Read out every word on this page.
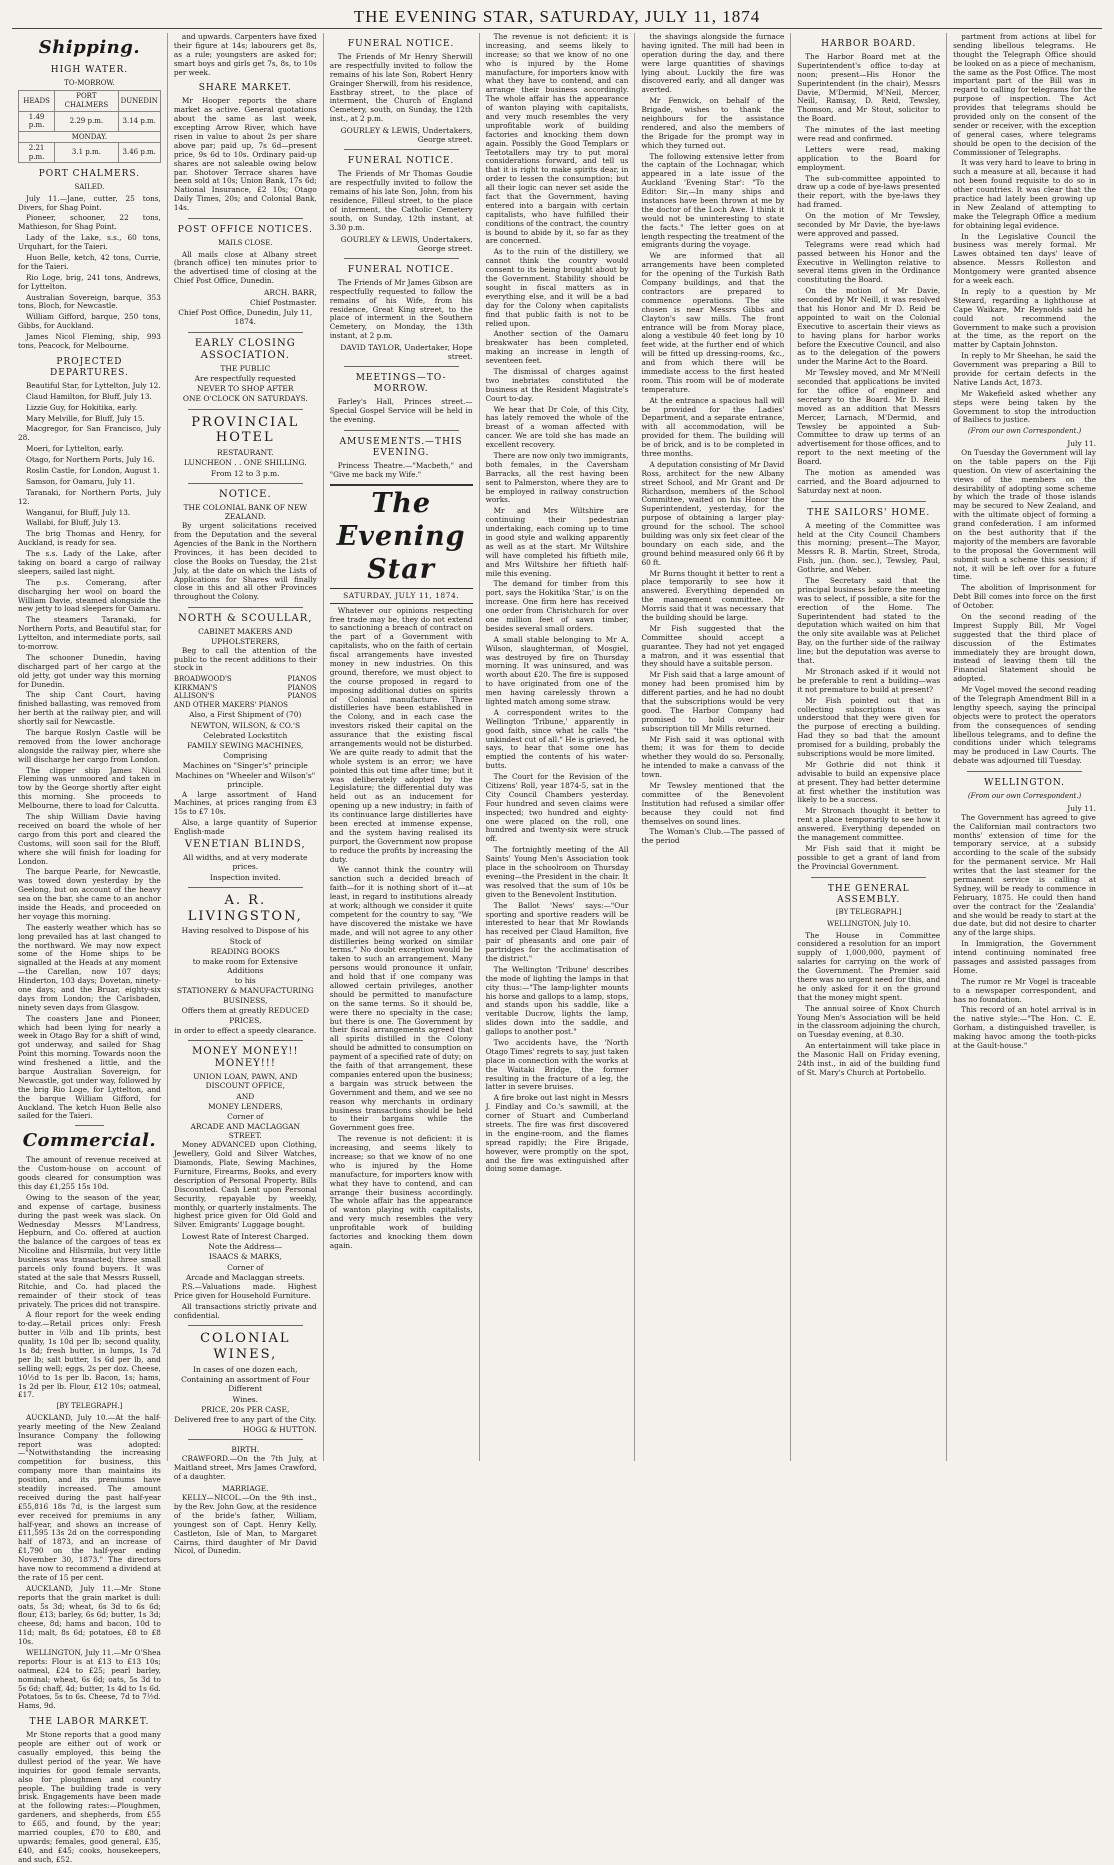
THE EVENING STAR, SATURDAY, JULY 11, 1874
Shipping.
HIGH WATER.
TO-MORROW.
HEADS	PORT CHALMERS	DUNEDIN
1.49 p.m.	2.29 p.m.	3.14 p.m.
MONDAY.		
2.21 p.m.	3.1 p.m.	3.46 p.m.
PORT CHALMERS.
SAILED.

July 11.—Jane, cutter, 25 tons, Divers, for Shag Point.

Pioneer, schooner, 22 tons, Mathieson, for Shag Point.

Lady of the Lake, s.s., 60 tons, Urquhart, for the Taieri.

Huon Belle, ketch, 42 tons, Currie, for the Taieri.

Rio Loge, brig, 241 tons, Andrews, for Lyttelton.

Australian Sovereign, barque, 353 tons, Bloch, for Newcastle.

William Gifford, barque, 250 tons, Gibbs, for Auckland.

James Nicol Fleming, ship, 993 tons, Peacock, for Melbourne.

PROJECTED DEPARTURES.

Beautiful Star, for Lyttelton, July 12.

Claud Hamilton, for Bluff, July 13.

Lizzie Guy, for Hokitika, early.

Mary Melville, for Bluff, July 15.

Macgregor, for San Francisco, July 28.

Moeri, for Lyttelton, early.

Otago, for Northern Ports, July 16.

Roslin Castle, for London, August 1.

Samson, for Oamaru, July 11.

Taranaki, for Northern Ports, July 12.

Wanganui, for Bluff, July 13.

Wallabi, for Bluff, July 13.

The brig Thomas and Henry, for Auckland, is ready for sea.

The s.s. Lady of the Lake, after taking on board a cargo of railway sleepers, sailed last night.

The p.s. Comerang, after discharging her wool on board the William Davie, steamed alongside the new jetty to load sleepers for Oamaru.

The steamers Taranaki, for Northern Ports, and Beautiful star, for Lyttelton, and intermediate ports, sail to-morrow.

The schooner Dunedin, having discharged part of her cargo at the old jetty, got under way this morning for Dunedin.

The ship Cant Court, having finished ballasting, was removed from her berth at the railway pier, and will shortly sail for Newcastle.

The barque Roslyn Castle will be removed from the lower anchorage alongside the railway pier, where she will discharge her cargo from London.

The clipper ship James Nicol Fleming was unmoored and taken in tow by the George shortly after eight this morning. She proceeds to Melbourne, there to load for Calcutta.

The ship William Davie having received on board the whole of her cargo from this port and cleared the Customs, will soon sail for the Bluff, where she will finish for loading for London.

The barque Pearle, for Newcastle, was towed down yesterday by the Geelong, but on account of the heavy sea on the bar, she came to an anchor inside the Heads, and proceeded on her voyage this morning.

The easterly weather which has so long prevailed has at last changed to the northward. We may now expect some of the Home ships to be signalled at the Heads at any moment—the Carellan, now 107 days; Hinderton, 103 days; Dovetan, ninety-one days; and the Bruar, eighty-six days from London; the Carlsbaden, ninety seven days from Glasgow.

The coasters Jane and Pioneer, which had been lying for nearly a week in Otago Bay for a shift of wind, got underway, and sailed for Shag Point this morning. Towards noon the wind freshened a little, and the barque Australian Sovereign, for Newcastle, got under way, followed by the brig Rio Loge, for Lyttelton, and the barque William Gifford, for Auckland. The ketch Huon Belle also sailed for the Taieri.

Commercial.

The amount of revenue received at the Custom-house on account of goods cleared for consumption was this day £1,255 15s 10d.

Owing to the season of the year, and expense of cartage, business during the past week was slack. On Wednesday Messrs M'Landress, Hepburn, and Co. offered at auction the balance of the cargoes of teas ex Nicoline and Hilsrmila, but very little business was transacted; three small parcels only found buyers. It was stated at the sale that Messrs Russell, Ritchie, and Co. had placed the remainder of their stock of teas privately. The prices did not transpire.

A flour report for the week ending to-day.—Retail prices only: Fresh butter in ½lb and 1lb prints, best quality, 1s 10d per lb; second quality, 1s 8d; fresh butter, in lumps, 1s 7d per lb; salt butter, 1s 6d per lb, and selling well; eggs, 2s per doz. Cheese, 10½d to 1s per lb. Bacon, 1s; hams, 1s 2d per lb. Flour, £12 10s; oatmeal, £17.

[BY TELEGRAPH.]

AUCKLAND, July 10.—At the half-yearly meeting of the New Zealand Insurance Company the following report was adopted:—"Notwithstanding the increasing competition for business, this company more than maintains its position, and its premiums have steadily increased. The amount received during the past half-year £55,816 18s 7d, is the largest sum ever received for premiums in any half-year, and shows an increase of £11,595 13s 2d on the corresponding half of 1873, and an increase of £1,790 on the half-year ending November 30, 1873." The directors have now to recommend a dividend at the rate of 15 per cent.

AUCKLAND, July 11.—Mr Stone reports that the grain market is dull: oats, 5s 3d; wheat, 6s 3d to 6s 6d; flour, £13; barley, 6s 6d; butter, 1s 3d; cheese, 8d; hams and bacon, 10d to 11d; malt, 8s 6d; potatoes, £8 to £8 10s.

WELLINGTON, July 11.—Mr O'Shea reports: Flour is at £13 to £13 10s; oatmeal, £24 to £25; pearl barley, nominal; wheat, 6s 6d; oats, 5s 3d to 5s 6d; chaff, 4d; butter, 1s 4d to 1s 6d. Potatoes, 5s to 6s. Cheese, 7d to 7½d. Hams, 9d.

THE LABOR MARKET.

Mr Stone reports that a good many people are either out of work or casually employed, this being the dullest period of the year. We have inquiries for good female servants, also for ploughmen and country people. The building trade is very brisk. Engagements have been made at the following rates:—Ploughmen, gardeners, and shepherds, from £55 to £65, and found, by the year; married couples, £70 to £80, and upwards; females, good general, £35, £40, and £45; cooks, housekeepers, and such, £52.

and upwards. Carpenters have fixed their figure at 14s; labourers get 8s, as a rule; youngsters are asked for; smart boys and girls get 7s, 8s, to 10s per week.

SHARE MARKET.

Mr Hooper reports the share market as active. General quotations about the same as last week, excepting Arrow River, which have risen in value to about 2s per share above par; paid up, 7s 6d—present price, 9s 6d to 10s. Ordinary paid-up shares are not saleable owing below par. Shotover Terrace shares have been sold at 10s; Union Bank, 17s 6d; National Insurance, £2 10s; Otago Daily Times, 20s; and Colonial Bank, 14s.

POST OFFICE NOTICES.
MAILS CLOSE.

All mails close at Albany street (branch office) ten minutes prior to the advertised time of closing at the Chief Post Office, Dunedin.

ARCH. BARR,
Chief Postmaster.
Chief Post Office, Dunedin, July 11, 1874.
EARLY CLOSING ASSOCIATION.
THE PUBLIC
Are respectfully requested
NEVER TO SHOP AFTER
ONE O'CLOCK ON SATURDAYS.
PROVINCIAL HOTEL
RESTAURANT.
LUNCHEON . . ONE SHILLING.
From 12 to 3 p.m.
NOTICE.
THE COLONIAL BANK OF NEW ZEALAND.

By urgent solicitations received from the Deputation and the several Agencies of the Bank in the Northern Provinces, it has been decided to close the Books on Tuesday, the 21st July, at the date on which the Lists of Applications for Shares will finally close in this and all other Provinces throughout the Colony.

NORTH & SCOULLAR,
CABINET MAKERS AND UPHOLSTERERS,

Beg to call the attention of the public to the recent additions to their stock in

BROADWOOD'S	PIANOS
KIRKMAN'S	PIANOS
ALLISON'S	PIANOS
AND OTHER MAKERS' PIANOS
Also, a First Shipment of (70)
NEWTON, WILSON, & CO.'S
Celebrated Lockstitch
FAMILY SEWING MACHINES,
Comprising
Machines on "Singer's" principle
Machines on "Wheeler and Wilson's" principle.

A large assortment of Hand Machines, at prices ranging from £3 15s to £7 10s.

Also, a large quantity of Superior English-made

VENETIAN BLINDS,
All widths, and at very moderate prices.
Inspection invited.
A. R. LIVINGSTON,
Having resolved to Dispose of his
Stock of
READING BOOKS
to make room for Extensive Additions
to his
STATIONERY & MANUFACTURING
BUSINESS,
Offers them at greatly REDUCED PRICES,
in order to effect a speedy clearance.
MONEY MONEY!! MONEY!!!
UNION LOAN, PAWN, AND DISCOUNT OFFICE,
AND
MONEY LENDERS,
Corner of
ARCADE AND MACLAGGAN STREET.

Money ADVANCED upon Clothing, Jewellery, Gold and Silver Watches, Diamonds, Plate, Sewing Machines, Furniture, Firearms, Books, and every description of Personal Property. Bills Discounted. Cash Lent upon Personal Security, repayable by weekly, monthly, or quarterly instalments. The highest price given for Old Gold and Silver. Emigrants' Luggage bought.

Lowest Rate of Interest Charged.
Note the Address—
ISAACS & MARKS,
Corner of
Arcade and Maclaggan streets.

P.S.—Valuations made. Highest Price given for Household Furniture.

All transactions strictly private and confidential.

COLONIAL WINES,
In cases of one dozen each,
Containing an assortment of Four Different
Wines.
PRICE, 20s PER CASE,
Delivered free to any part of the City.
HOGG & HUTTON.
BIRTH.

CRAWFORD.—On the 7th July, at Maitland street, Mrs James Crawford, of a daughter.

MARRIAGE.

KELLY—NICOL.—On the 9th inst., by the Rev. John Gow, at the residence of the bride's father, William, youngest son of Capt. Henry Kelly, Castleton, Isle of Man, to Margaret Cairns, third daughter of Mr David Nicol, of Dunedin.

FUNERAL NOTICE.

The Friends of Mr Henry Sherwill are respectfully invited to follow the remains of his late Son, Robert Henry Grainger Sherwill, from his residence, Eastbray street, to the place of interment, the Church of England Cemetery, south, on Sunday, the 12th inst., at 2 p.m.

GOURLEY & LEWIS, Undertakers, George street.
FUNERAL NOTICE.

The Friends of Mr Thomas Goudie are respectfully invited to follow the remains of his late Son, John, from his residence, Filleul street, to the place of interment, the Catholic Cemetery south, on Sunday, 12th instant, at 3.30 p.m.

GOURLEY & LEWIS, Undertakers, George street.
FUNERAL NOTICE.

The Friends of Mr James Gibson are respectfully requested to follow the remains of his Wife, from his residence, Great King street, to the place of interment in the Southern Cemetery, on Monday, the 13th instant, at 2 p.m.

DAVID TAYLOR, Undertaker, Hope street.
MEETINGS—TO-MORROW.

Farley's Hall, Princes street.—Special Gospel Service will be held in the evening.

AMUSEMENTS.—THIS EVENING.

Princess Theatre.—"Macbeth," and "Give me back my Wife."

The Evening Star
SATURDAY, JULY 11, 1874.

Whatever our opinions respecting free trade may be, they do not extend to sanctioning a breach of contract on the part of a Government with capitalists, who on the faith of certain fiscal arrangements have invested money in new industries. On this ground, therefore, we must object to the course proposed in regard to imposing additional duties on spirits of Colonial manufacture. Three distilleries have been established in the Colony, and in each case the investors risked their capital on the assurance that the existing fiscal arrangements would not be disturbed. We are quite ready to admit that the whole system is an error; we have pointed this out time after time; but it was deliberately adopted by the Legislature; the differential duty was held out as an inducement for opening up a new industry; in faith of its continuance large distilleries have been erected at immense expense, and the system having realised its purport, the Government now propose to reduce the profits by increasing the duty.

We cannot think the country will sanction such a decided breach of faith—for it is nothing short of it—at least, in regard to institutions already at work; although we consider it quite competent for the country to say, "We have discovered the mistake we have made, and will not agree to any other distilleries being worked on similar terms." No doubt exception would be taken to such an arrangement. Many persons would pronounce it unfair, and hold that if one company was allowed certain privileges, another should be permitted to manufacture on the same terms. So it should be, were there no specialty in the case; but there is one. The Government by their fiscal arrangements agreed that all spirits distilled in the Colony should be admitted to consumption on payment of a specified rate of duty; on the faith of that arrangement, these companies entered upon the business; a bargain was struck between the Government and them, and we see no reason why merchants in ordinary business transactions should be held to their bargains while the Government goes free.

The revenue is not deficient: it is increasing, and seems likely to increase; so that we know of no one who is injured by the Home manufacture, for importers know with what they have to contend, and can arrange their business accordingly. The whole affair has the appearance of wanton playing with capitalists, and very much resembles the very unprofitable work of building factories and knocking them down again.

The revenue is not deficient: it is increasing, and seems likely to increase; so that we know of no one who is injured by the Home manufacture, for importers know with what they have to contend, and can arrange their business accordingly. The whole affair has the appearance of wanton playing with capitalists, and very much resembles the very unprofitable work of building factories and knocking them down again. Possibly the Good Templars or Teetotallers may try to put moral considerations forward, and tell us that it is right to make spirits dear, in order to lessen the consumption; but all their logic can never set aside the fact that the Government, having entered into a bargain with certain capitalists, who have fulfilled their conditions of the contract, the country is bound to abide by it, so far as they are concerned.

As to the ruin of the distillery, we cannot think the country would consent to its being brought about by the Government. Stability should be sought in fiscal matters as in everything else, and it will be a bad day for the Colony when capitalists find that public faith is not to be relied upon.

Another section of the Oamaru breakwater has been completed, making an increase in length of seventeen feet.

The dismissal of charges against two inebriates constituted the business at the Resident Magistrate's Court to-day.

We hear that Dr Cole, of this City, has lately removed the whole of the breast of a woman affected with cancer. We are told she has made an excellent recovery.

There are now only two immigrants, both females, in the Caversham Barracks, all the rest having been sent to Palmerston, where they are to be employed in railway construction works.

Mr and Mrs Wiltshire are continuing their pedestrian undertaking, each coming up to time in good style and walking apparently as well as at the start. Mr Wiltshire will have completed his fiftieth mile, and Mrs Wiltshire her fiftieth half-mile this evening.

The demand for timber from this port, says the Hokitika 'Star,' is on the increase. One firm here has received one order from Christchurch for over one million feet of sawn timber, besides several small orders.

A small stable belonging to Mr A. Wilson, slaughterman, of Mosgiel, was destroyed by fire on Thursday morning. It was uninsured, and was worth about £20. The fire is supposed to have originated from one of the men having carelessly thrown a lighted match among some straw.

A correspondent writes to the Wellington 'Tribune,' apparently in good faith, since what he calls "the unkindest cut of all." He is grieved, he says, to hear that some one has emptied the contents of his water-butts.

The Court for the Revision of the Citizens' Roll, year 1874-5, sat in the City Council Chambers yesterday. Four hundred and seven claims were inspected; two hundred and eighty-one were placed on the roll, one hundred and twenty-six were struck off.

The fortnightly meeting of the All Saints' Young Men's Association took place in the schoolroom on Thursday evening—the President in the chair. It was resolved that the sum of 10s be given to the Benevolent Institution.

The Ballot 'News' says:—"Our sporting and sportive readers will be interested to hear that Mr Rowlands has received per Claud Hamilton, five pair of pheasants and one pair of partridges for the acclimatisation of the district."

The Wellington 'Tribune' describes the mode of lighting the lamps in that city thus:—"The lamp-lighter mounts his horse and gallops to a lamp, stops, and stands upon his saddle, like a veritable Ducrow, lights the lamp, slides down into the saddle, and gallops to another post."

Two accidents have, the 'North Otago Times' regrets to say, just taken place in connection with the works at the Waitaki Bridge, the former resulting in the fracture of a leg, the latter in severe bruises.

A fire broke out last night in Messrs J. Findlay and Co.'s sawmill, at the corner of Stuart and Cumberland streets. The fire was first discovered in the engine-room, and the flames spread rapidly; the Fire Brigade, however, were promptly on the spot, and the fire was extinguished after doing some damage.

the shavings alongside the furnace having ignited. The mill had been in operation during the day, and there were large quantities of shavings lying about. Luckily the fire was discovered early, and all danger was averted.

Mr Fenwick, on behalf of the Brigade, wishes to thank the neighbours for the assistance rendered, and also the members of the Brigade for the prompt way in which they turned out.

The following extensive letter from the captain of the Lochnagar, which appeared in a late issue of the Auckland 'Evening Star': "To the Editor: Sir,—In many ships and instances have been thrown at me by the doctor of the Loch Awe. I think it would not be uninteresting to state the facts." The letter goes on at length respecting the treatment of the emigrants during the voyage.

We are informed that all arrangements have been completed for the opening of the Turkish Bath Company buildings, and that the contractors are prepared to commence operations. The site chosen is near Messrs Gibbs and Clayton's saw mills. The front entrance will be from Moray place, along a vestibule 40 feet long by 10 feet wide, at the further end of which will be fitted up dressing-rooms, &c., and from which there will be immediate access to the first heated room. This room will be of moderate temperature.

At the entrance a spacious hall will be provided for the Ladies' Department, and a separate entrance, with all accommodation, will be provided for them. The building will be of brick, and is to be completed in three months.

A deputation consisting of Mr David Ross, architect for the new Albany street School, and Mr Grant and Dr Richardson, members of the School Committee, waited on his Honor the Superintendent, yesterday, for the purpose of obtaining a larger play-ground for the school. The school building was only six feet clear of the boundary on each side, and the ground behind measured only 66 ft by 60 ft.

Mr Burns thought it better to rent a place temporarily to see how it answered. Everything depended on the management committee. Mr Morris said that it was necessary that the building should be large.

Mr Fish suggested that the Committee should accept a guarantee. They had not yet engaged a matron, and it was essential that they should have a suitable person.

Mr Fish said that a large amount of money had been promised him by different parties, and he had no doubt that the subscriptions would be very good. The Harbor Company had promised to hold over their subscription till Mr Mills returned.

Mr Fish said it was optional with them; it was for them to decide whether they would do so. Personally, he intended to make a canvass of the town.

Mr Tewsley mentioned that the committee of the Benevolent Institution had refused a similar offer because they could not find themselves on sound lines.

The Woman's Club.—The passed of the period

HARBOR BOARD.

The Harbor Board met at the Superintendent's office to-day at noon; present—His Honor the Superintendent (in the chair), Messrs Davie, M'Dermid, M'Neil, Mercer, Neill, Ramsay, D. Reid, Tewsley, Thomson, and Mr Stout, solicitor to the Board.

The minutes of the last meeting were read and confirmed.

Letters were read, making application to the Board for employment.

The sub-committee appointed to draw up a code of bye-laws presented their report, with the bye-laws they had framed.

On the motion of Mr Tewsley, seconded by Mr Davie, the bye-laws were approved and passed.

Telegrams were read which had passed between his Honor and the Executive in Wellington relative to several items given in the Ordinance constituting the Board.

On the motion of Mr Davie, seconded by Mr Neill, it was resolved that his Honor and Mr D. Reid be appointed to wait on the Colonial Executive to ascertain their views as to having plans for harbor works before the Executive Council, and also as to the delegation of the powers under the Marine Act to the Board.

Mr Tewsley moved, and Mr M'Neill seconded that applications be invited for the office of engineer and secretary to the Board. Mr D. Reid moved as an addition that Messrs Mercer, Larnach, M'Dermid, and Tewsley be appointed a Sub-Committee to draw up terms of an advertisement for those offices, and to report to the next meeting of the Board.

The motion as amended was carried, and the Board adjourned to Saturday next at noon.

THE SAILORS' HOME.

A meeting of the Committee was held at the City Council Chambers this morning; present—The Mayor, Messrs R. B. Martin, Street, Stroda, Fish, jun. (hon. sec.), Tewsley, Paul, Gothrie, and Weber.

The Secretary said that the principal business before the meeting was to select, if possible, a site for the erection of the Home. The Superintendent had stated to the deputation which waited on him that the only site available was at Pelichet Bay, on the further side of the railway line; but the deputation was averse to that.

Mr Stronach asked if it would not be preferable to rent a building—was it not premature to build at present?

Mr Fish pointed out that in collecting subscriptions it was understood that they were given for the purpose of erecting a building. Had they so bad that the amount promised for a building, probably the subscriptions would be more limited.

Mr Gothrie did not think it advisable to build an expensive place at present. They had better determine at first whether the institution was likely to be a success.

Mr Stronach thought it better to rent a place temporarily to see how it answered. Everything depended on the management committee.

Mr Fish said that it might be possible to get a grant of land from the Provincial Government.

THE GENERAL ASSEMBLY.
[BY TELEGRAPH.]
WELLINGTON, July 10.

The House in Committee considered a resolution for an import supply of 1,000,000, payment of salaries for carrying on the work of the Government. The Premier said there was no urgent need for this, and he only asked for it on the ground that the money might spent.

The annual soiree of Knox Church Young Men's Association will be held in the classroom adjoining the church, on Tuesday evening, at 8.30.

An entertainment will take place in the Masonic Hall on Friday evening, 24th inst., in aid of the building fund of St. Mary's Church at Portobello.

partment from actions at libel for sending libellous telegrams. He thought the Telegraph Office should be looked on as a piece of mechanism, the same as the Post Office. The most important part of the Bill was in regard to calling for telegrams for the purpose of inspection. The Act provides that telegrams should be provided only on the consent of the sender or receiver, with the exception of general cases, where telegrams should be open to the decision of the Commissioner of Telegraphs.

It was very hard to leave to bring in such a measure at all, because it had not been found requisite to do so in other countries. It was clear that the practice had lately been growing up in New Zealand of attempting to make the Telegraph Office a medium for obtaining legal evidence.

In the Legislative Council the business was merely formal. Mr Lawes obtained ten days' leave of absence. Messrs Rolleston and Montgomery were granted absence for a week each.

In reply to a question by Mr Steward, regarding a lighthouse at Cape Waikare, Mr Reynolds said he could not recommend the Government to make such a provision at the time, as the report on the matter by Captain Johnston.

In reply to Mr Sheehan, he said the Government was preparing a Bill to provide for certain defects in the Native Lands Act, 1873.

Mr Wakefield asked whether any steps were being taken by the Government to stop the introduction of Bailiecs to justice.

(From our own Correspondent.)
July 11.

On Tuesday the Government will lay on the table papers on the Fiji question. On view of ascertaining the views of the members on the desirability of adopting some scheme by which the trade of those islands may be secured to New Zealand, and with the ultimate object of forming a grand confederation. I am informed on the best authority that if the majority of the members are favorable to the proposal the Government will submit such a scheme this session; if not, it will be left over for a future time.

The abolition of Imprisonment for Debt Bill comes into force on the first of October.

On the second reading of the Imprest Supply Bill, Mr Vogel suggested that the third place of discussion of the Estimates immediately they are brought down, instead of leaving them till the Financial Statement should be adopted.

Mr Vogel moved the second reading of the Telegraph Amendment Bill in a lengthy speech, saying the principal objects were to protect the operators from the consequences of sending libellous telegrams, and to define the conditions under which telegrams may be produced in Law Courts. The debate was adjourned till Tuesday.

WELLINGTON.
(From our own Correspondent.)
July 11.

The Government has agreed to give the Californian mail contractors two months' extension of time for the temporary service, at a subsidy according to the scale of the subsidy for the permanent service. Mr Hall writes that the last steamer for the permanent service is calling at Sydney, will be ready to commence in February, 1875. He could then hand over the contract for the 'Zealandia' and she would be ready to start at the due date, but did not desire to charter any of the large ships.

In Immigration, the Government intend continuing nominated free passages and assisted passages from Home.

The rumor re Mr Vogel is traceable to a newspaper correspondent, and has no foundation.

This record of an hotel arrival is in the native style:—"The Hon. C. E. Gorham, a distinguished traveller, is making havoc among the tooth-picks at the Gault-house."
